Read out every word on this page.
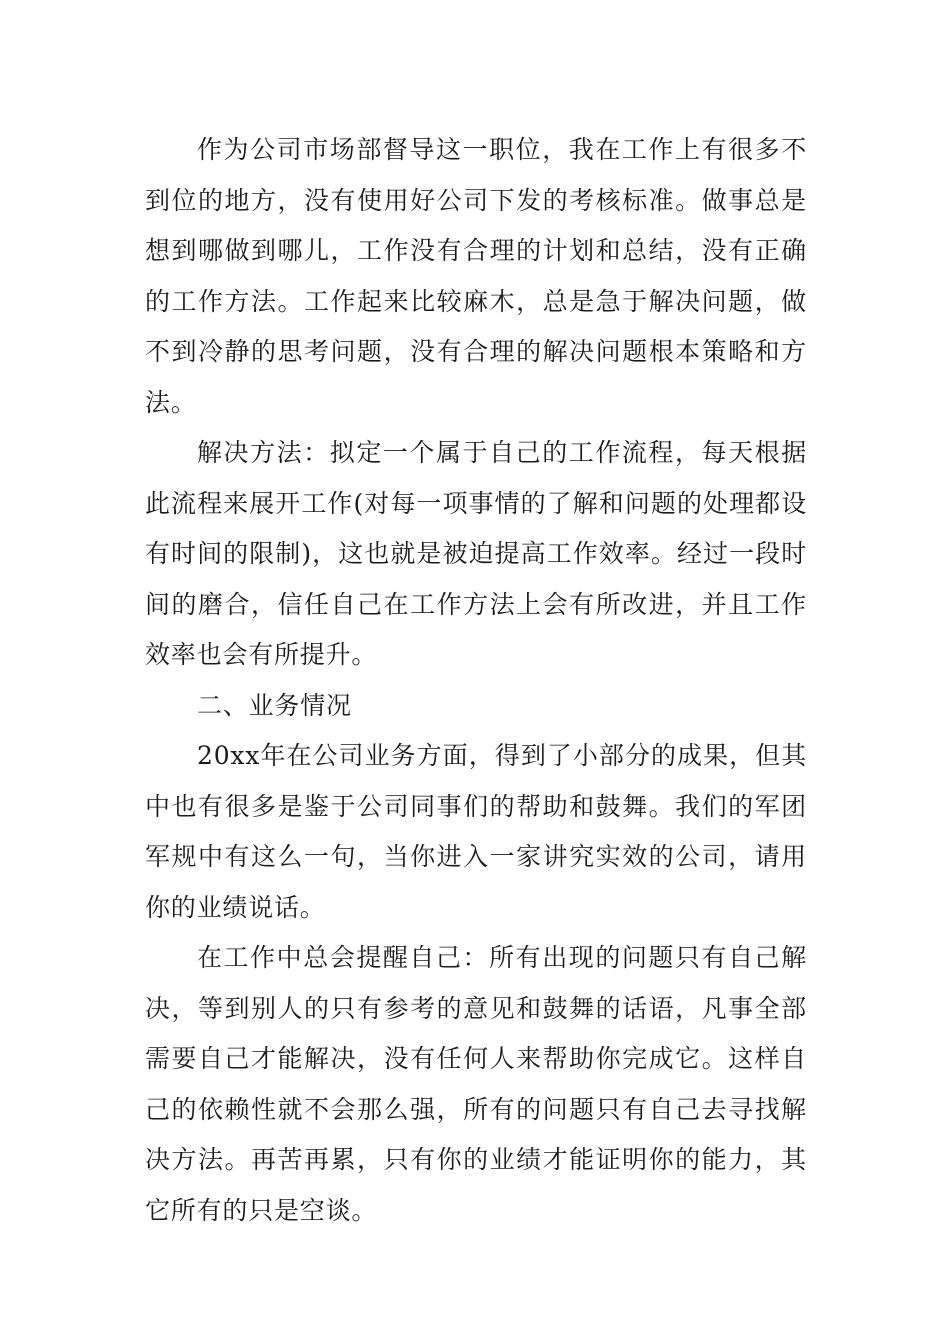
作为公司市场部督导这一职位，我在工作上有很多不到位的地方，没有使用好公司下发的考核标准。做事总是想到哪做到哪儿，工作没有合理的计划和总结，没有正确的工作方法。工作起来比较麻木，总是急于解决问题，做不到冷静的思考问题，没有合理的解决问题根本策略和方法。

解决方法：拟定一个属于自己的工作流程，每天根据此流程来展开工作(对每一项事情的了解和问题的处理都设有时间的限制)，这也就是被迫提高工作效率。经过一段时间的磨合，信任自己在工作方法上会有所改进，并且工作效率也会有所提升。

二、业务情况

20xx年在公司业务方面，得到了小部分的成果，但其中也有很多是鉴于公司同事们的帮助和鼓舞。我们的军团军规中有这么一句，当你进入一家讲究实效的公司，请用你的业绩说话。

在工作中总会提醒自己：所有出现的问题只有自己解决，等到别人的只有参考的意见和鼓舞的话语，凡事全部需要自己才能解决，没有任何人来帮助你完成它。这样自己的依赖性就不会那么强，所有的问题只有自己去寻找解决方法。再苦再累，只有你的业绩才能证明你的能力，其它所有的只是空谈。
